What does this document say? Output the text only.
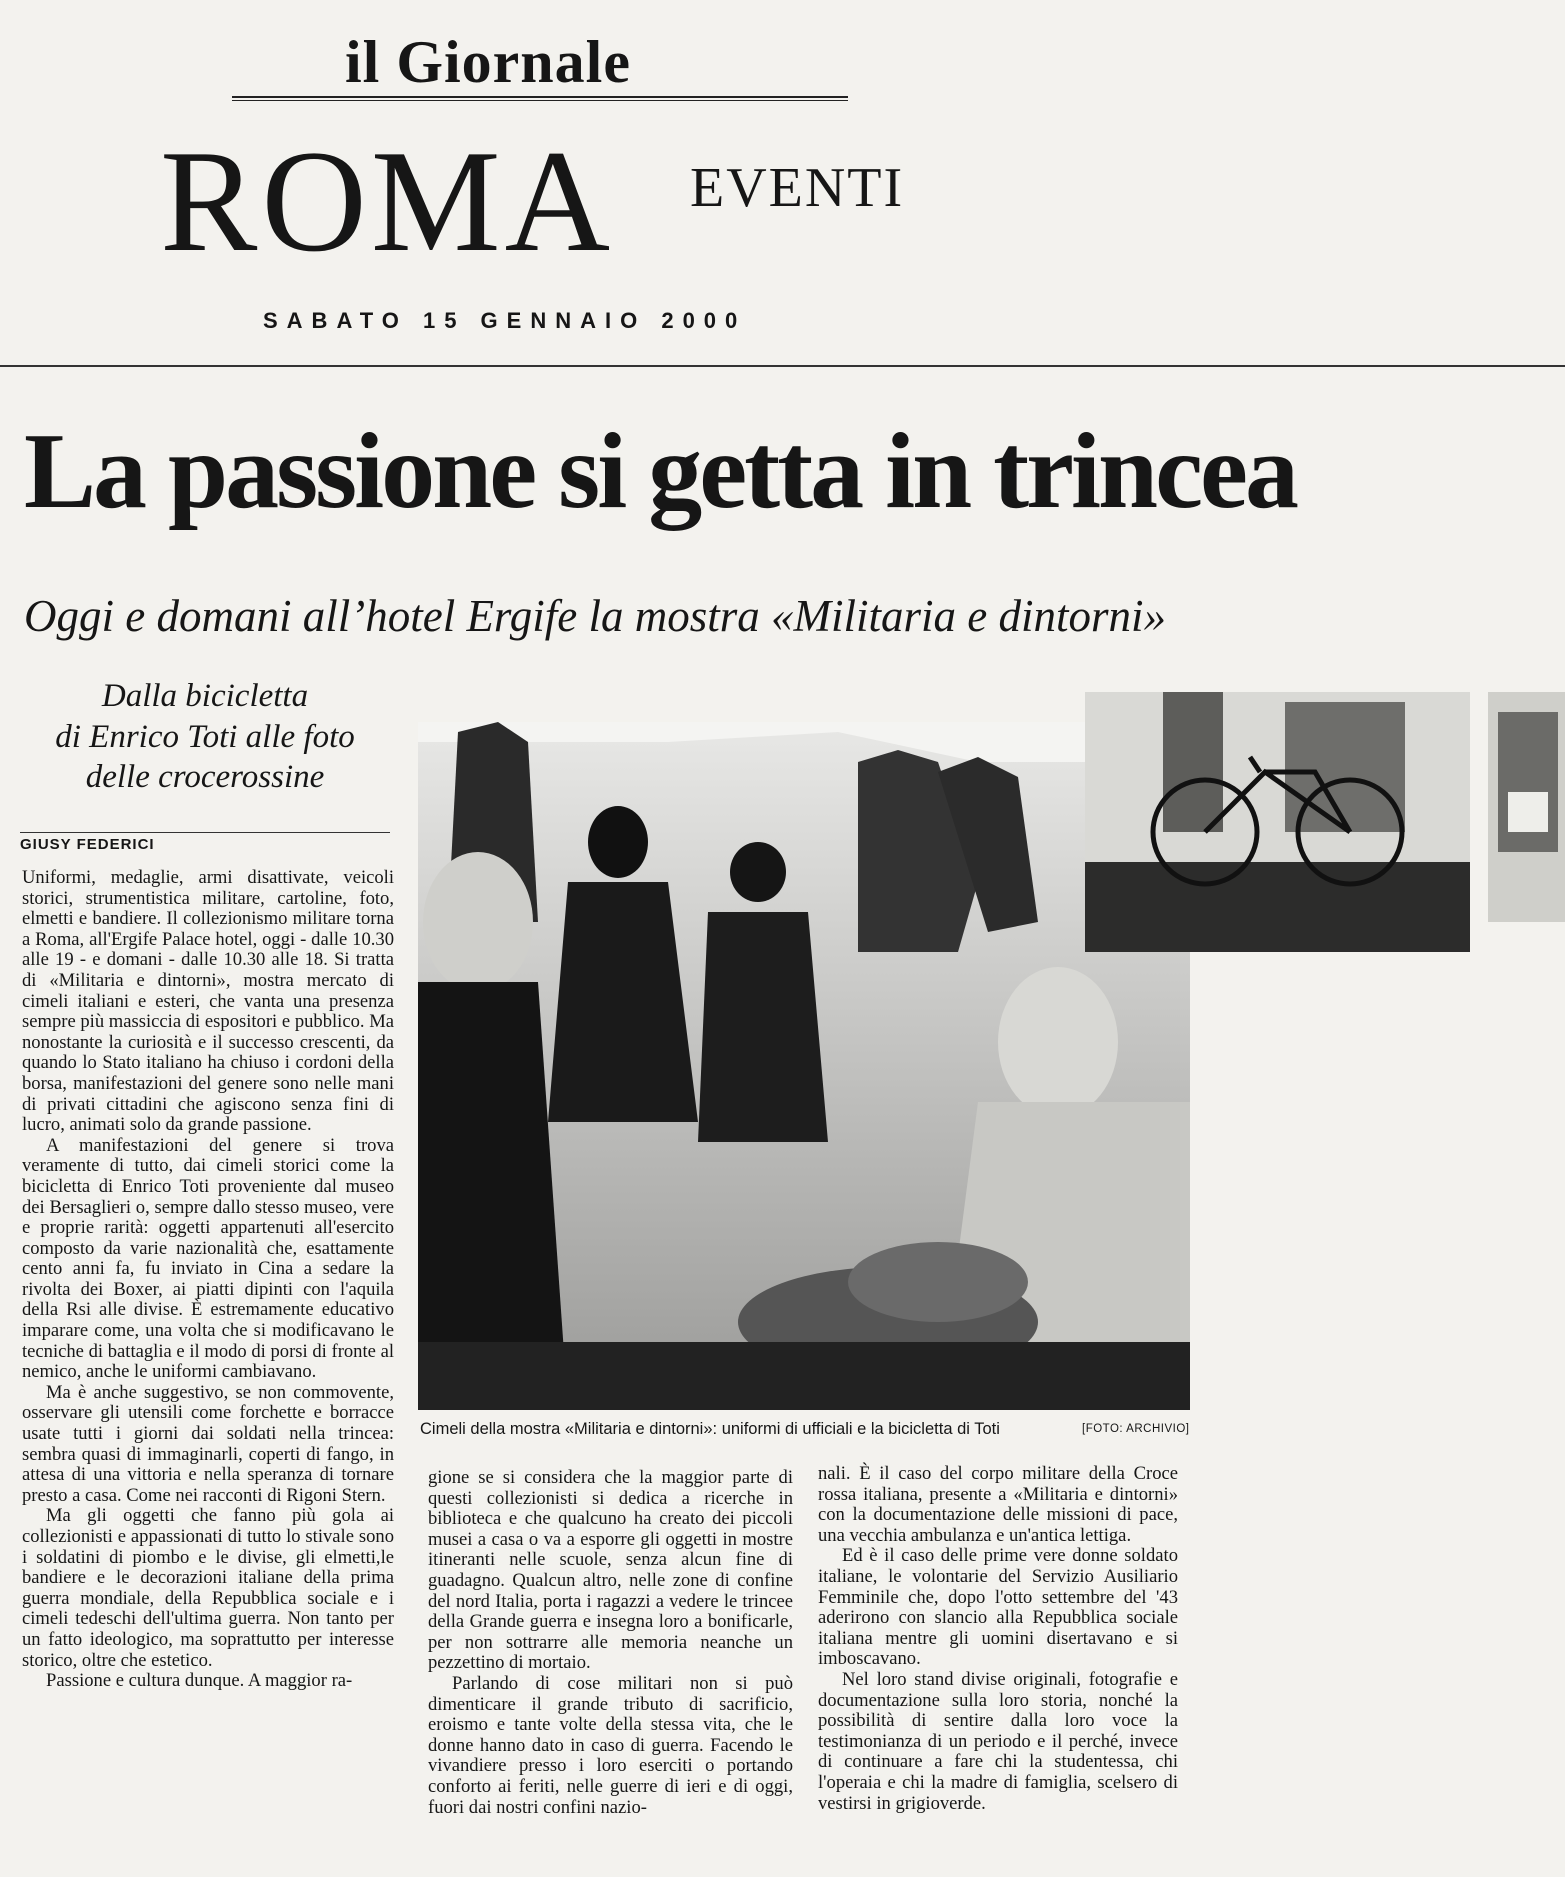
il Giornale
ROMA EVENTI
SABATO 15 GENNAIO 2000
La passione si getta in trincea
Oggi e domani all’hotel Ergife la mostra «Militaria e dintorni»
Dalla bicicletta
di Enrico Toti alle foto
delle crocerossine
GIUSY FEDERICI

Uniformi, medaglie, armi disattivate, veicoli storici, strumentistica militare, cartoline, foto, elmetti e bandiere. Il collezionismo militare torna a Roma, all'Ergife Palace hotel, oggi - dalle 10.30 alle 19 - e domani - dalle 10.30 alle 18. Si tratta di «Militaria e dintorni», mostra mercato di cimeli italiani e esteri, che vanta una presenza sempre più massiccia di espositori e pubblico. Ma nonostante la curiosità e il successo crescenti, da quando lo Stato italiano ha chiuso i cordoni della borsa, manifestazioni del genere sono nelle mani di privati cittadini che agiscono senza fini di lucro, animati solo da grande passione.

A manifestazioni del genere si trova veramente di tutto, dai cimeli storici come la bicicletta di Enrico Toti proveniente dal museo dei Bersaglieri o, sempre dallo stesso museo, vere e proprie rarità: oggetti appartenuti all'esercito composto da varie nazionalità che, esattamente cento anni fa, fu inviato in Cina a sedare la rivolta dei Boxer, ai piatti dipinti con l'aquila della Rsi alle divise. È estremamente educativo imparare come, una volta che si modificavano le tecniche di battaglia e il modo di porsi di fronte al nemico, anche le uniformi cambiavano.

Ma è anche suggestivo, se non commovente, osservare gli utensili come forchette e borracce usate tutti i giorni dai soldati nella trincea: sembra quasi di immaginarli, coperti di fango, in attesa di una vittoria e nella speranza di tornare presto a casa. Come nei racconti di Rigoni Stern.

Ma gli oggetti che fanno più gola ai collezionisti e appassionati di tutto lo stivale sono i soldatini di piombo e le divise, gli elmetti,le bandiere e le decorazioni italiane della prima guerra mondiale, della Repubblica sociale e i cimeli tedeschi dell'ultima guerra. Non tanto per un fatto ideologico, ma soprattutto per interesse storico, oltre che estetico.

Passione e cultura dunque. A maggior ra-

Cimeli della mostra «Militaria e dintorni»: uniformi di ufficiali e la bicicletta di Toti	[FOTO: ARCHIVIO]

gione se si considera che la maggior parte di questi collezionisti si dedica a ricerche in biblioteca e che qualcuno ha creato dei piccoli musei a casa o va a esporre gli oggetti in mostre itineranti nelle scuole, senza alcun fine di guadagno. Qualcun altro, nelle zone di confine del nord Italia, porta i ragazzi a vedere le trincee della Grande guerra e insegna loro a bonificarle, per non sottrarre alle memoria neanche un pezzettino di mortaio.

Parlando di cose militari non si può dimenticare il grande tributo di sacrificio, eroismo e tante volte della stessa vita, che le donne hanno dato in caso di guerra. Facendo le vivandiere presso i loro eserciti o portando conforto ai feriti, nelle guerre di ieri e di oggi, fuori dai nostri confini nazio-

nali. È il caso del corpo militare della Croce rossa italiana, presente a «Militaria e dintorni» con la documentazione delle missioni di pace, una vecchia ambulanza e un'antica lettiga.

Ed è il caso delle prime vere donne soldato italiane, le volontarie del Servizio Ausiliario Femminile che, dopo l'otto settembre del '43 aderirono con slancio alla Repubblica sociale italiana mentre gli uomini disertavano e si imboscavano.

Nel loro stand divise originali, fotografie e documentazione sulla loro storia, nonché la possibilità di sentire dalla loro voce la testimonianza di un periodo e il perché, invece di continuare a fare chi la studentessa, chi l'operaia e chi la madre di famiglia, scelsero di vestirsi in grigioverde.
